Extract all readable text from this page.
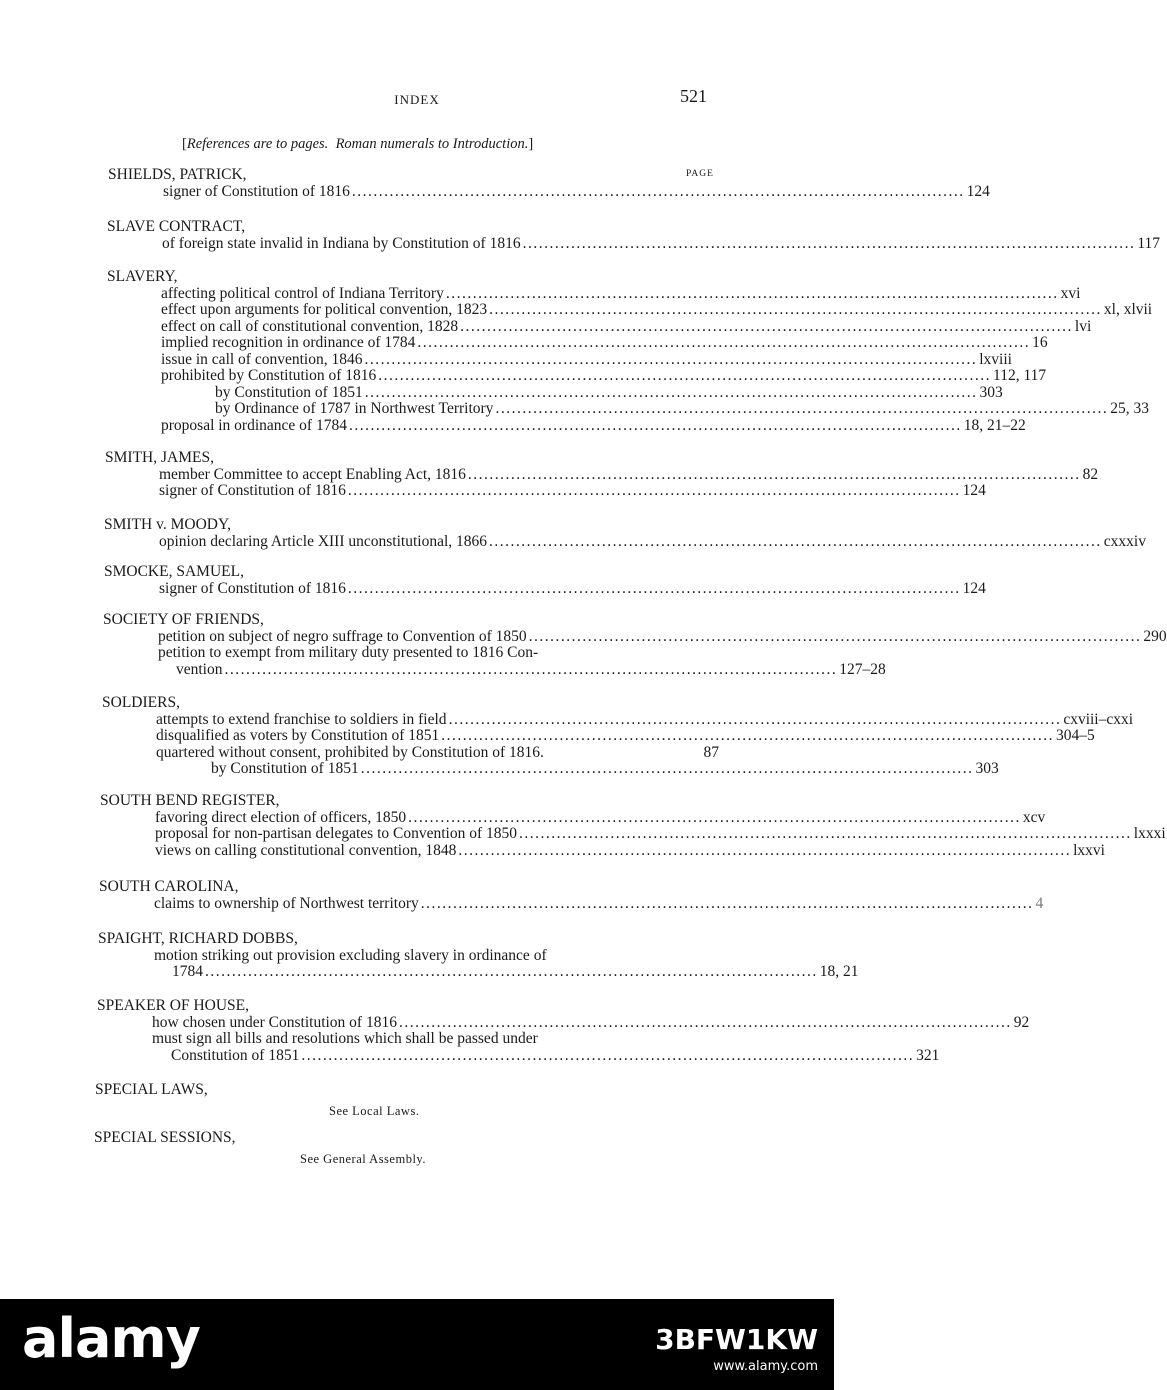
INDEX	521
[References are to pages. Roman numerals to Introduction.]
PAGE
SHIELDS, PATRICK,
signer of Constitution of 1816 .................................................................................................................. 124
SLAVE CONTRACT,
of foreign state invalid in Indiana by Constitution of 1816 .................................................................................................................. 117
SLAVERY,
affecting political control of Indiana Territory .................................................................................................................. xvi
effect upon arguments for political convention, 1823 .................................................................................................................. xl, xlvii
effect on call of constitutional convention, 1828 .................................................................................................................. lvi
implied recognition in ordinance of 1784 .................................................................................................................. 16
issue in call of convention, 1846 .................................................................................................................. lxviii
prohibited by Constitution of 1816 .................................................................................................................. 112, 117
by Constitution of 1851 .................................................................................................................. 303
by Ordinance of 1787 in Northwest Territory .................................................................................................................. 25, 33
proposal in ordinance of 1784 .................................................................................................................. 18, 21–22
SMITH, JAMES,
member Committee to accept Enabling Act, 1816 .................................................................................................................. 82
signer of Constitution of 1816 .................................................................................................................. 124
SMITH v. MOODY,
opinion declaring Article XIII unconstitutional, 1866 .................................................................................................................. cxxxiv
SMOCKE, SAMUEL,
signer of Constitution of 1816 .................................................................................................................. 124
SOCIETY OF FRIENDS,
petition on subject of negro suffrage to Convention of 1850 .................................................................................................................. 290
petition to exempt from military duty presented to 1816 Con-
vention .................................................................................................................. 127–28
SOLDIERS,
attempts to extend franchise to soldiers in field .................................................................................................................. cxviii–cxxi
disqualified as voters by Constitution of 1851 .................................................................................................................. 304–5
quartered without consent, prohibited by Constitution of 1816.	87
by Constitution of 1851 .................................................................................................................. 303
SOUTH BEND REGISTER,
favoring direct election of officers, 1850 .................................................................................................................. xcv
proposal for non-partisan delegates to Convention of 1850 .................................................................................................................. lxxxi
views on calling constitutional convention, 1848 .................................................................................................................. lxxvi
SOUTH CAROLINA,
claims to ownership of Northwest territory .................................................................................................................. 4
SPAIGHT, RICHARD DOBBS,
motion striking out provision excluding slavery in ordinance of
1784 .................................................................................................................. 18, 21
SPEAKER OF HOUSE,
how chosen under Constitution of 1816 .................................................................................................................. 92
must sign all bills and resolutions which shall be passed under
Constitution of 1851 .................................................................................................................. 321
SPECIAL LAWS,
See Local Laws.
SPECIAL SESSIONS,
See General Assembly.
alamy	3BFW1KW
www.alamy.com
